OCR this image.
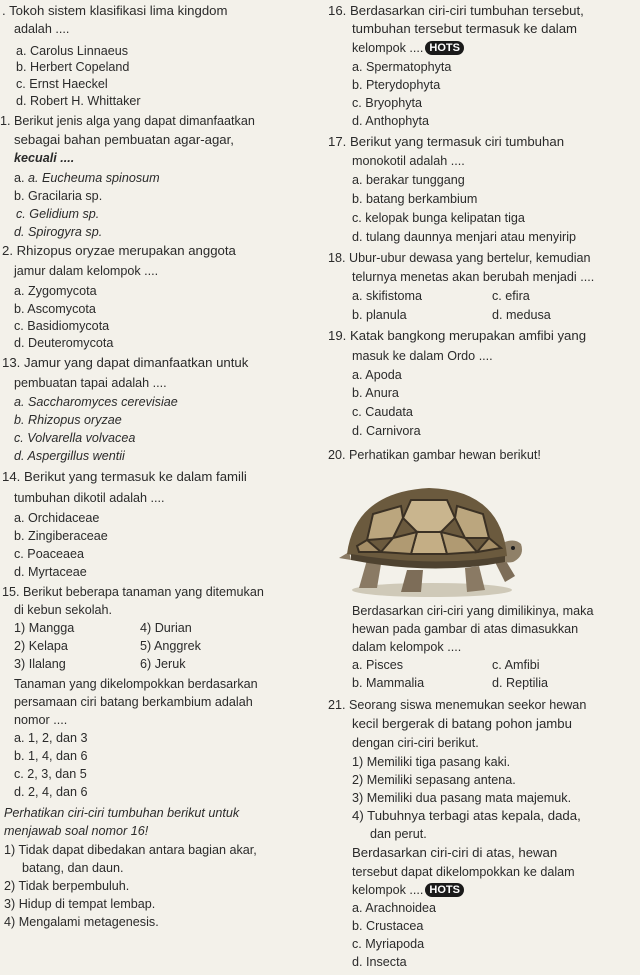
. Tokoh sistem klasifikasi lima kingdom
adalah ....
a. Carolus Linnaeus
b. Herbert Copeland
c. Ernst Haeckel
d. Robert H. Whittaker
1. Berikut jenis alga yang dapat dimanfaatkan
sebagai bahan pembuatan agar-agar,
kecuali ....
a. a. Eucheuma spinosum
b. Gracilaria sp.
c. Gelidium sp.
d. Spirogyra sp.
2. Rhizopus oryzae merupakan anggota
jamur dalam kelompok ....
a. Zygomycota
b. Ascomycota
c. Basidiomycota
d. Deuteromycota
13. Jamur yang dapat dimanfaatkan untuk
pembuatan tapai adalah ....
a. Saccharomyces cerevisiae
b. Rhizopus oryzae
c. Volvarella volvacea
d. Aspergillus wentii
14. Berikut yang termasuk ke dalam famili
tumbuhan dikotil adalah ....
a. Orchidaceae
b. Zingiberaceae
c. Poaceaea
d. Myrtaceae
15. Berikut beberapa tanaman yang ditemukan
di kebun sekolah.
1) Mangga	4) Durian
2) Kelapa	5) Anggrek
3) Ilalang	6) Jeruk
Tanaman yang dikelompokkan berdasarkan
persamaan ciri batang berkambium adalah
nomor ....
a. 1, 2, dan 3
b. 1, 4, dan 6
c. 2, 3, dan 5
d. 2, 4, dan 6
Perhatikan ciri-ciri tumbuhan berikut untuk
menjawab soal nomor 16!
1) Tidak dapat dibedakan antara bagian akar,
batang, dan daun.
2) Tidak berpembuluh.
3) Hidup di tempat lembap.
4) Mengalami metagenesis.
16. Berdasarkan ciri-ciri tumbuhan tersebut,
tumbuhan tersebut termasuk ke dalam
kelompok .... HOTS
a. Spermatophyta
b. Pterydophyta
c. Bryophyta
d. Anthophyta
17. Berikut yang termasuk ciri tumbuhan
monokotil adalah ....
a. berakar tunggang
b. batang berkambium
c. kelopak bunga kelipatan tiga
d. tulang daunnya menjari atau menyirip
18. Ubur-ubur dewasa yang bertelur, kemudian
telurnya menetas akan berubah menjadi ....
a. skifistoma	c. efira
b. planula	d. medusa
19. Katak bangkong merupakan amfibi yang
masuk ke dalam Ordo ....
a. Apoda
b. Anura
c. Caudata
d. Carnivora
20. Perhatikan gambar hewan berikut!
Berdasarkan ciri-ciri yang dimilikinya, maka
hewan pada gambar di atas dimasukkan
dalam kelompok ....
a. Pisces	c. Amfibi
b. Mammalia	d. Reptilia
21. Seorang siswa menemukan seekor hewan
kecil bergerak di batang pohon jambu
dengan ciri-ciri berikut.
1) Memiliki tiga pasang kaki.
2) Memiliki sepasang antena.
3) Memiliki dua pasang mata majemuk.
4) Tubuhnya terbagi atas kepala, dada,
dan perut.
Berdasarkan ciri-ciri di atas, hewan
tersebut dapat dikelompokkan ke dalam
kelompok .... HOTS
a. Arachnoidea
b. Crustacea
c. Myriapoda
d. Insecta
